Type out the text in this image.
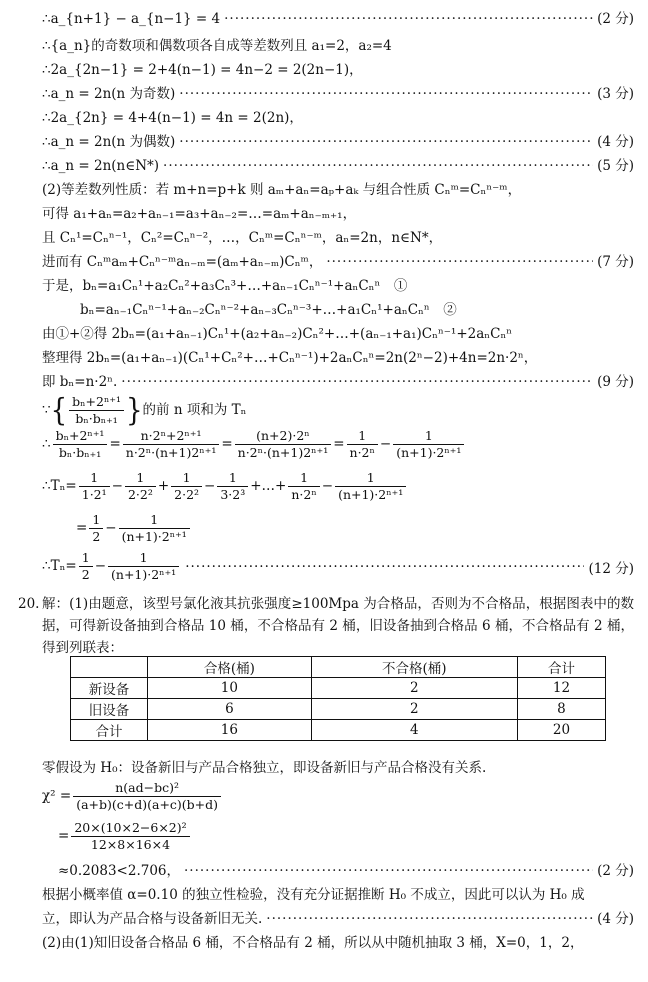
∴a_{n+1} − a_{n−1} = 4 ·····	(2 分)
∴{a_n}的奇数项和偶数项各自成等差数列且 a₁=2，a₂=4
∴2a_{2n−1} = 2+4(n−1) = 4n−2 = 2(2n−1)，
∴a_n = 2n(n 为奇数) ·····	(3 分)
∴2a_{2n} = 4+4(n−1) = 4n = 2(2n)，
∴a_n = 2n(n 为偶数) ·····	(4 分)
∴a_n = 2n(n∈N*) ·····	(5 分)
(2)等差数列性质：若 m+n=p+k 则 aₘ+aₙ=aₚ+aₖ 与组合性质 Cₙᵐ=Cₙⁿ⁻ᵐ，
可得 a₁+aₙ=a₂+aₙ₋₁=a₃+aₙ₋₂=…=aₘ+aₙ₋ₘ₊₁，
且 Cₙ¹=Cₙⁿ⁻¹，Cₙ²=Cₙⁿ⁻²，…，Cₙᵐ=Cₙⁿ⁻ᵐ，aₙ=2n，n∈N*，
进而有 Cₙᵐaₘ+Cₙⁿ⁻ᵐaₙ₋ₘ=(aₘ+aₙ₋ₘ)Cₙᵐ， ·····	(7 分)
于是，bₙ=a₁Cₙ¹+a₂Cₙ²+a₃Cₙ³+…+aₙ₋₁Cₙⁿ⁻¹+aₙCₙⁿ　①
bₙ=aₙ₋₁Cₙⁿ⁻¹+aₙ₋₂Cₙⁿ⁻²+aₙ₋₃Cₙⁿ⁻³+…+a₁Cₙ¹+aₙCₙⁿ　②
由①+②得 2bₙ=(a₁+aₙ₋₁)Cₙ¹+(a₂+aₙ₋₂)Cₙ²+…+(aₙ₋₁+a₁)Cₙⁿ⁻¹+2aₙCₙⁿ
整理得 2bₙ=(a₁+aₙ₋₁)(Cₙ¹+Cₙ²+…+Cₙⁿ⁻¹)+2aₙCₙⁿ=2n(2ⁿ−2)+4n=2n·2ⁿ，
即 bₙ=n·2ⁿ. ·····	(9 分)
∵{ $\frac{\text{bₙ+2ⁿ⁺¹}}{\text{bₙ·bₙ₊₁}}$ }的前 n 项和为 Tₙ
∴ $\frac{\text{bₙ+2ⁿ⁺¹}}{\text{bₙ·bₙ₊₁}} = \frac{\text{n·2ⁿ+2ⁿ⁺¹}}{\text{n·2ⁿ·(n+1)2ⁿ⁺¹}} = \frac{\text{(n+2)·2ⁿ}}{\text{n·2ⁿ·(n+1)2ⁿ⁺¹}} = \frac{1}{\text{n·2ⁿ}} - \frac{1}{\text{(n+1)·2ⁿ⁺¹}}$
∴Tₙ= $\frac{1}{\text{1·2¹}} - \frac{1}{\text{2·2²}} + \frac{1}{\text{2·2²}} - \frac{1}{\text{3·2³}}$ +…+ $\frac{1}{\text{n·2ⁿ}} - \frac{1}{\text{(n+1)·2ⁿ⁺¹}}$
= $\frac{1}{2} - \frac{1}{\text{(n+1)·2ⁿ⁺¹}}$
∴Tₙ= $\frac{1}{2} - \frac{1}{\text{(n+1)·2ⁿ⁺¹}}$ ·····	(12 分)
20. 解：(1)由题意，该型号氯化液其抗张强度≥100Mpa 为合格品，否则为不合格品，根据图表中的数据，可得新设备抽到合格品 10 桶，不合格品有 2 桶，旧设备抽到合格品 6 桶，不合格品有 2 桶，得到列联表：
	合格(桶)	不合格(桶)	合计
新设备	10	2	12
旧设备	6	2	8
合计	16	4	20
零假设为 H₀：设备新旧与产品合格独立，即设备新旧与产品合格没有关系.
$\chi^2 = \frac{\text{n(ad−bc)²}}{(a+b)(c+d)(a+c)(b+d)}$
= $\frac{\text{20×(10×2−6×2)²}}{12\times 8\times 16\times 4}$
≈0.2083<2.706， ·····	(2 分)
根据小概率值 α=0.10 的独立性检验，没有充分证据推断 H₀ 不成立，因此可以认为 H₀ 成
立，即认为产品合格与设备新旧无关. ·····	(4 分)
(2)由(1)知旧设备合格品 6 桶，不合格品有 2 桶，所以从中随机抽取 3 桶，X=0，1，2，
